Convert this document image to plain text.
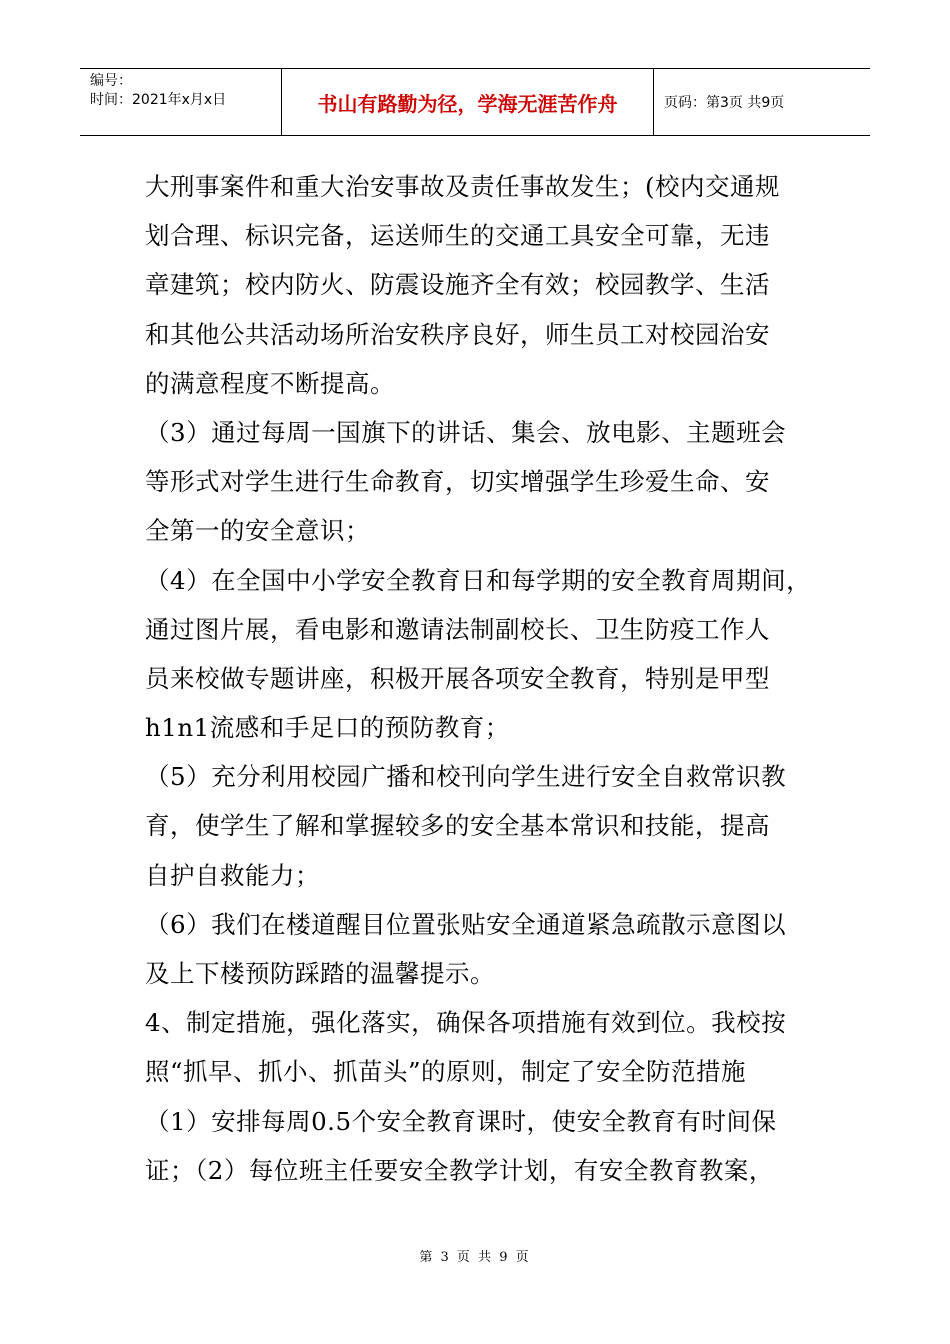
编号：
时间：2021年x月x日	书山有路勤为径，学海无涯苦作舟	页码：第3页 共9页
大刑事案件和重大治安事故及责任事故发生；(校内交通规
划合理、标识完备，运送师生的交通工具安全可靠，无违
章建筑；校内防火、防震设施齐全有效；校园教学、生活
和其他公共活动场所治安秩序良好，师生员工对校园治安
的满意程度不断提高。
（3）通过每周一国旗下的讲话、集会、放电影、主题班会
等形式对学生进行生命教育，切实增强学生珍爱生命、安
全第一的安全意识；
（4）在全国中小学安全教育日和每学期的安全教育周期间，
通过图片展，看电影和邀请法制副校长、卫生防疫工作人
员来校做专题讲座，积极开展各项安全教育，特别是甲型
h1n1流感和手足口的预防教育；
（5）充分利用校园广播和校刊向学生进行安全自救常识教
育，使学生了解和掌握较多的安全基本常识和技能，提高
自护自救能力；
（6）我们在楼道醒目位置张贴安全通道紧急疏散示意图以
及上下楼预防踩踏的温馨提示。
4、制定措施，强化落实，确保各项措施有效到位。我校按
照“抓早、抓小、抓苗头”的原则，制定了安全防范措施
（1）安排每周0.5个安全教育课时，使安全教育有时间保
证；（2）每位班主任要安全教学计划，有安全教育教案，
第 3 页 共 9 页
